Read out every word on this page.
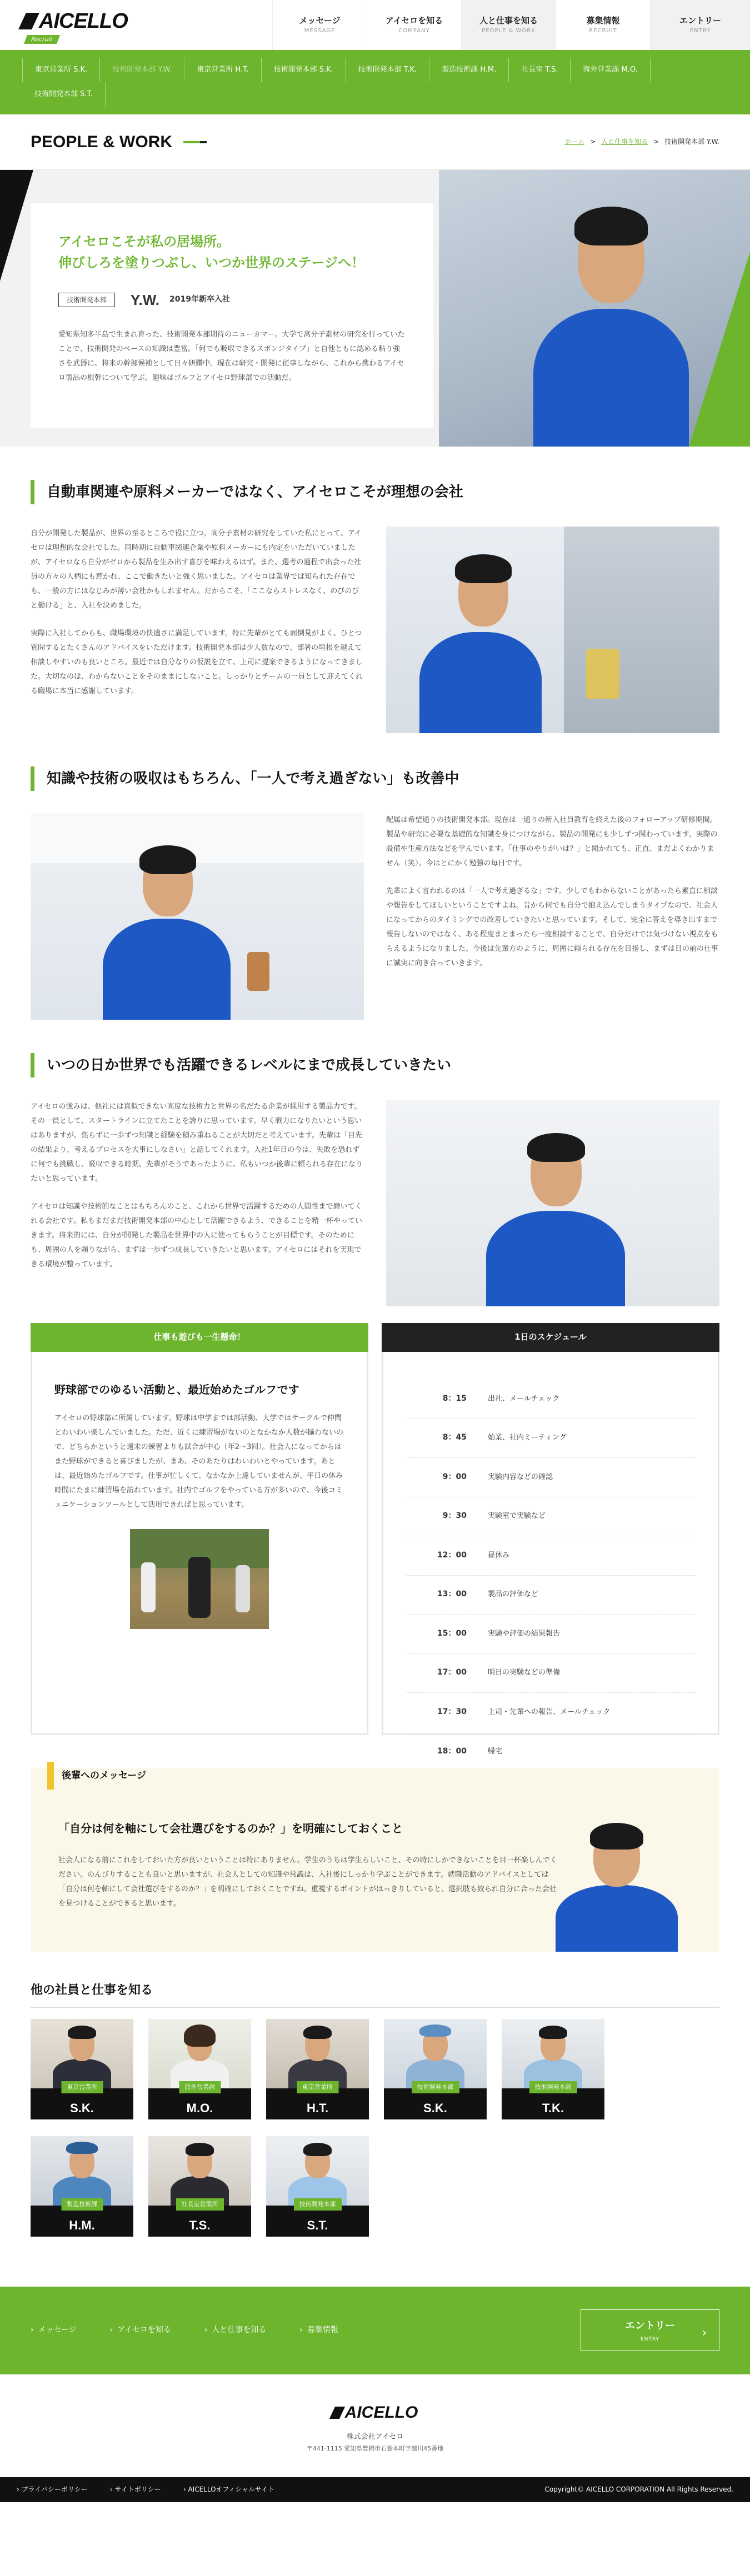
AICELLO
Recruit
メッセージ
MESSAGE
アイセロを知る
COMPANY
人と仕事を知る
PEOPLE & WORK
募集情報
RECRUIT
エントリー
ENTRY
東京営業所 S.K.	技術開発本部 Y.W.	東京営業所 H.T.	技術開発本部 S.K.	技術開発本部 T.K.	製造技術課 H.M.	社長室 T.S.	海外営業課 M.O.
技術開発本部 S.T.
PEOPLE & WORK	ホーム > 人と仕事を知る > 技術開発本部 Y.W.
アイセロこそが私の居場所。
伸びしろを塗りつぶし、いつか世界のステージへ！
技術開発本部	Y.W. 2019年新卒入社

愛知県知多半島で生まれ育った、技術開発本部期待のニューカマー。大学で高分子素材の研究を行っていたことで、技術開発のベースの知識は豊富。「何でも吸収できるスポンジタイプ」と自他ともに認める粘り強さを武器に、将来の幹部候補として日々研鑽中。現在は研究・開発に従事しながら、これから携わるアイセロ製品の根幹について学ぶ。趣味はゴルフとアイセロ野球部での活動だ。

自動車関連や原料メーカーではなく、アイセロこそが理想の会社

自分が開発した製品が、世界の至るところで役に立つ。高分子素材の研究をしていた私にとって、アイセロは理想的な会社でした。同時期に自動車関連企業や原料メーカーにも内定をいただいていましたが、アイセロなら自分がゼロから製品を生み出す喜びを味わえるはず。また、選考の過程で出会った社員の方々の人柄にも惹かれ、ここで働きたいと強く思いました。アイセロは業界では知られた存在でも、一般の方にはなじみが薄い会社かもしれません。だからこそ、「ここならストレスなく、のびのびと働ける」と、入社を決めました。

実際に入社してからも、職場環境の快適さに満足しています。特に先輩がとても面倒見がよく、ひとつ質問するとたくさんのアドバイスをいただけます。技術開発本部は少人数なので、部署の垣根を越えて相談しやすいのも良いところ。最近では自分なりの仮説を立て、上司に提案できるようになってきました。大切なのは、わからないことをそのままにしないこと。しっかりとチームの一員として迎えてくれる職場に本当に感謝しています。

知識や技術の吸収はもちろん、「一人で考え過ぎない」も改善中

配属は希望通りの技術開発本部。現在は一通りの新入社員教育を終えた後のフォローアップ研修期間。製品や研究に必要な基礎的な知識を身につけながら、製品の開発にも少しずつ関わっています。実際の設備や生産方法などを学んでいます。「仕事のやりがいは？」と聞かれても、正直、まだよくわかりません（笑）。今はとにかく勉強の毎日です。

先輩によく言われるのは「一人で考え過ぎるな」です。少しでもわからないことがあったら素直に相談や報告をしてほしいということですよね。昔から何でも自分で抱え込んでしまうタイプなので、社会人になってからのタイミングでの改善していきたいと思っています。そして、完全に答えを導き出すまで報告しないのではなく、ある程度まとまったら一度相談することで、自分だけでは気づけない視点をもらえるようになりました。今後は先輩方のように、周囲に頼られる存在を目指し、まずは目の前の仕事に誠実に向き合っていきます。

いつの日か世界でも活躍できるレベルにまで成長していきたい

アイセロの強みは、他社には真似できない高度な技術力と世界の名だたる企業が採用する製品力です。その一員として、スタートラインに立てたことを誇りに思っています。早く戦力になりたいという思いはありますが、焦らずに一歩ずつ知識と経験を積み重ねることが大切だと考えています。先輩は「目先の結果より、考えるプロセスを大事にしなさい」と話してくれます。入社1年目の今は、失敗を恐れずに何でも挑戦し、吸収できる時期。先輩がそうであったように、私もいつか後輩に頼られる存在になりたいと思っています。

アイセロは知識や技術的なことはもちろんのこと、これから世界で活躍するための人間性まで磨いてくれる会社です。私もまだまだ技術開発本部の中心として活躍できるよう、できることを精一杯やっていきます。将来的には、自分が開発した製品を世界中の人に使ってもらうことが目標です。そのためにも、周囲の人を頼りながら、まずは一歩ずつ成長していきたいと思います。アイセロにはそれを実現できる環境が整っています。

仕事も遊びも一生懸命！
野球部でのゆるい活動と、最近始めたゴルフです

アイセロの野球部に所属しています。野球は中学までは部活動、大学ではサークルで仲間とわいわい楽しんでいました。ただ、近くに練習場がないのとなかなか人数が揃わないので、どちらかというと週末の練習よりも試合が中心（年2〜3回）。社会人になってからはまた野球ができると喜びましたが、まあ、そのあたりはわいわいとやっています。あとは、最近始めたゴルフです。仕事が忙しくて、なかなか上達していませんが、平日の休み時間にたまに練習場を訪れています。社内でゴルフをやっている方が多いので、今後コミュニケーションツールとして活用できればと思っています。

1日のスケジュール
8：15	出社、メールチェック
8：45	始業、社内ミーティング
9：00	実験内容などの確認
9：30	実験室で実験など
12：00	昼休み
13：00	製品の評価など
15：00	実験や評価の結果報告
17：00	明日の実験などの準備
17：30	上司・先輩への報告、メールチェック
18：00	帰宅
後輩へのメッセージ
「自分は何を軸にして会社選びをするのか？」を明確にしておくこと

社会人になる前にこれをしておいた方が良いということは特にありません。学生のうちは学生らしいこと、その時にしかできないことを目一杯楽しんでください。のんびりすることも良いと思いますが、社会人としての知識や常識は、入社後にしっかり学ぶことができます。就職活動のアドバイスとしては「自分は何を軸にして会社選びをするのか？」を明確にしておくことですね。重視するポイントがはっきりしていると、選択肢も絞られ自分に合った会社を見つけることができると思います。

他の社員と仕事を知る
東京営業所
S.K.
海外営業課
M.O.
東京営業所
H.T.
技術開発本部
S.K.
技術開発本部
T.K.
製造技術課
H.M.
社長室営業所
T.S.
技術開発本部
S.T.
› メッセージ	› アイセロを知る	› 人と仕事を知る	› 募集情報	エントリー
ENTRY	›
AICELLO
株式会社アイセロ
〒441-1115 愛知県豊橋市石巻本町字越川45番地
› プライバシーポリシー	› サイトポリシー	› AICELLOオフィシャルサイト	Copyright© AICELLO CORPORATION All Rights Reserved.
